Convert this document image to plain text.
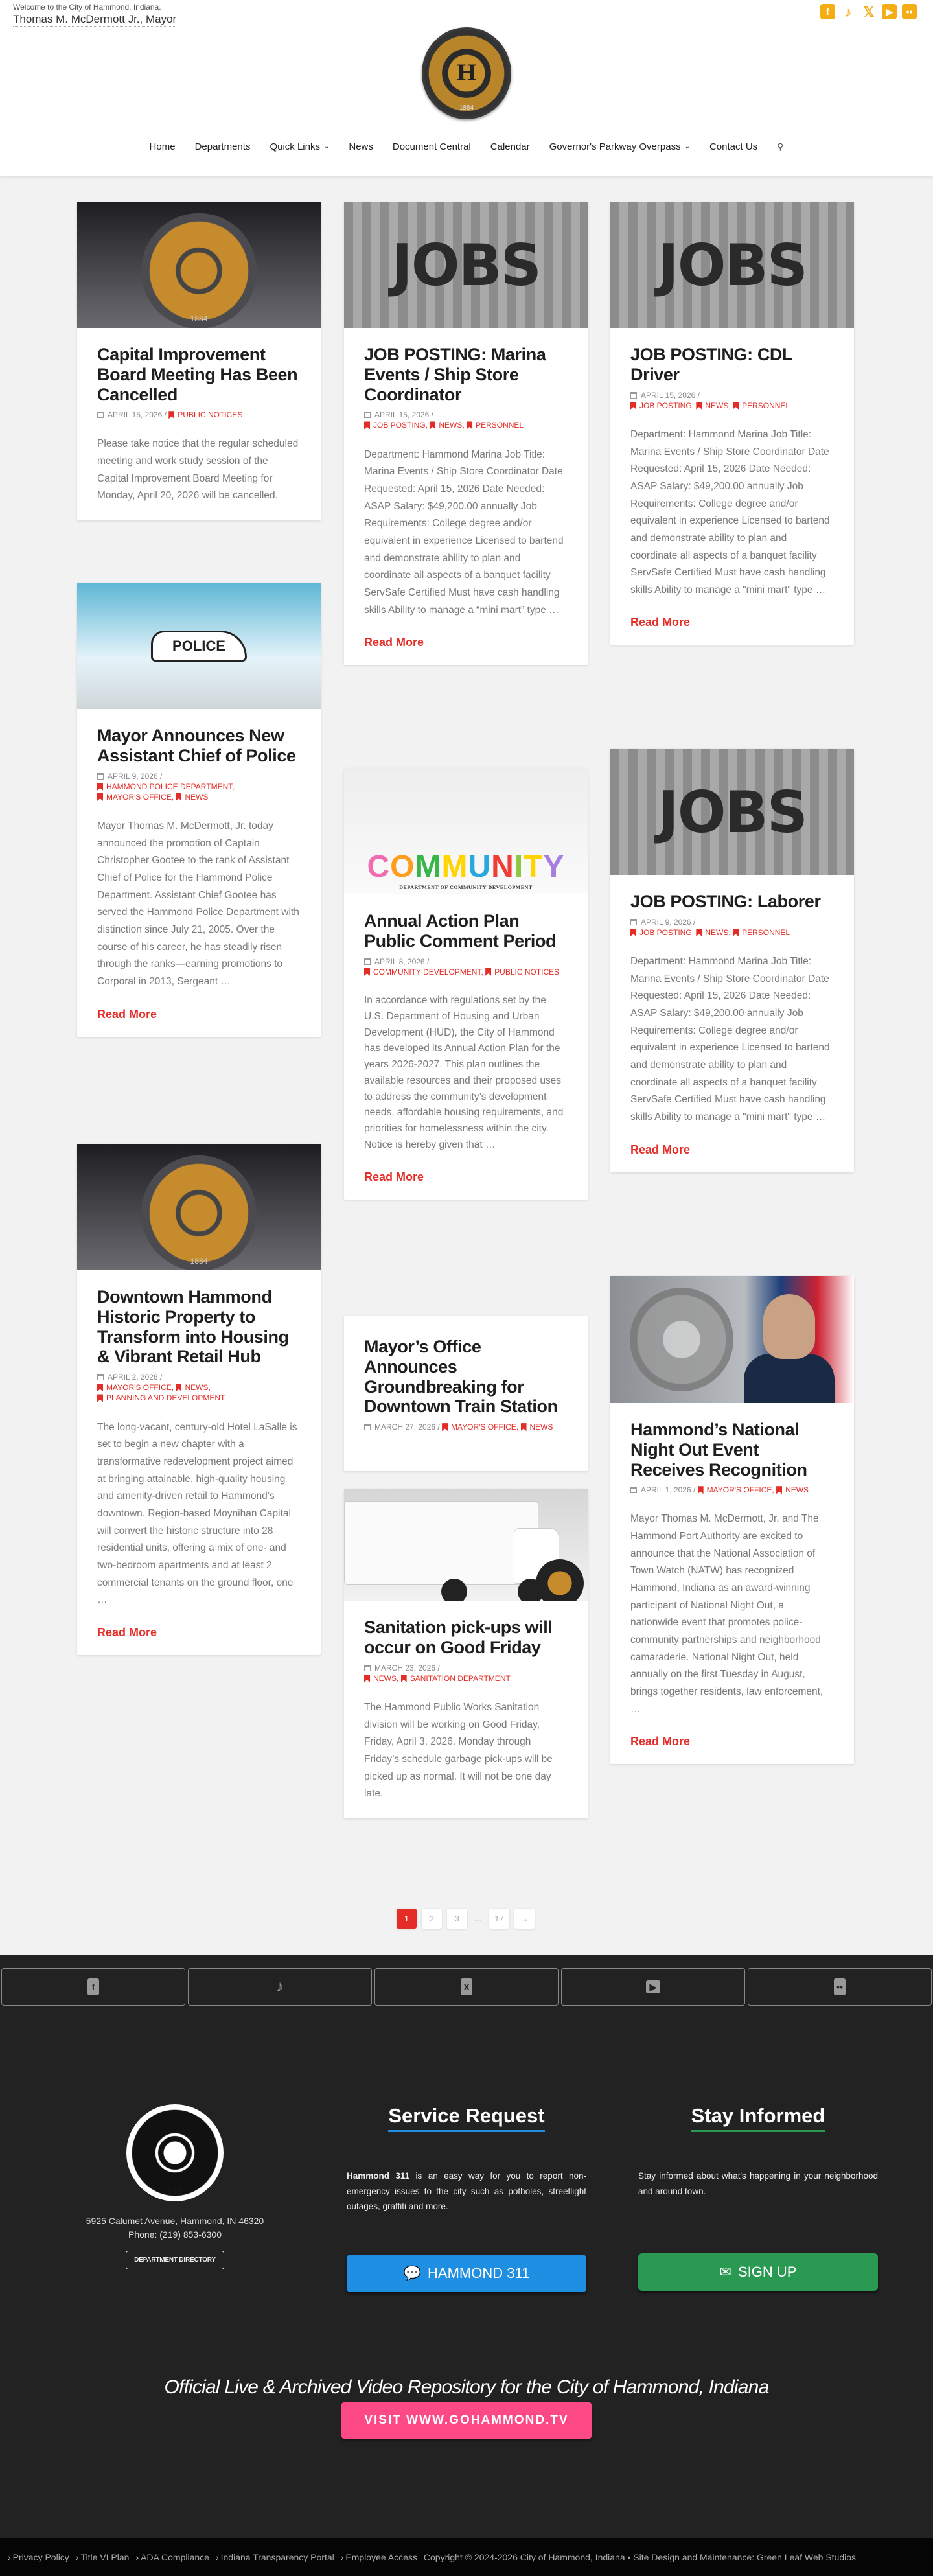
Welcome to the City of Hammond, Indiana.
Thomas M. McDermott Jr., Mayor
f	♪ 𝕏	▶	••
H
1884
Home Departments Quick Links ⌄ News Document Central Calendar Governor's Parkway Overpass ⌄ Contact Us	⚲
1884
Capital Improvement Board Meeting Has Been Cancelled
APRIL 15, 2026 / PUBLIC NOTICES

Please take notice that the regular scheduled meeting and work study session of the Capital Improvement Board Meeting for Monday, April 20, 2026 will be cancelled.

POLICE
Mayor Announces New Assistant Chief of Police
APRIL 9, 2026 /
HAMMOND POLICE DEPARTMENT,
MAYOR'S OFFICE, NEWS

Mayor Thomas M. McDermott, Jr. today announced the promotion of Captain Christopher Gootee to the rank of Assistant Chief of Police for the Hammond Police Department. Assistant Chief Gootee has served the Hammond Police Department with distinction since July 21, 2005. Over the course of his career, he has steadily risen through the ranks—earning promotions to Corporal in 2013, Sergeant …

Read More
1884
Downtown Hammond Historic Property to Transform into Housing & Vibrant Retail Hub
APRIL 2, 2026 /
MAYOR'S OFFICE, NEWS,
PLANNING AND DEVELOPMENT

The long-vacant, century-old Hotel LaSalle is set to begin a new chapter with a transformative redevelopment project aimed at bringing attainable, high-quality housing and amenity-driven retail to Hammond’s downtown. Region-based Moynihan Capital will convert the historic structure into 28 residential units, offering a mix of one- and two-bedroom apartments and at least 2 commercial tenants on the ground floor, one …

Read More
JOBS
JOB POSTING: Marina Events / Ship Store Coordinator
APRIL 15, 2026 /
JOB POSTING, NEWS, PERSONNEL

Department: Hammond Marina Job Title: Marina Events / Ship Store Coordinator Date Requested: April 15, 2026 Date Needed: ASAP Salary: $49,200.00 annually Job Requirements: College degree and/or equivalent in experience Licensed to bartend and demonstrate ability to plan and coordinate all aspects of a banquet facility ServSafe Certified Must have cash handling skills Ability to manage a “mini mart” type …

Read More
COMMUNITY
DEPARTMENT OF COMMUNITY DEVELOPMENT
Annual Action Plan Public Comment Period
APRIL 8, 2026 /
COMMUNITY DEVELOPMENT, PUBLIC NOTICES

In accordance with regulations set by the U.S. Department of Housing and Urban Development (HUD), the City of Hammond has developed its Annual Action Plan for the years 2026-2027. This plan outlines the available resources and their proposed uses to address the community’s development needs, affordable housing requirements, and priorities for homelessness within the city. Notice is hereby given that …

Read More
Mayor’s Office Announces Groundbreaking for Downtown Train Station
MARCH 27, 2026 / MAYOR'S OFFICE, NEWS
Sanitation pick-ups will occur on Good Friday
MARCH 23, 2026 /
NEWS, SANITATION DEPARTMENT

The Hammond Public Works Sanitation division will be working on Good Friday, Friday, April 3, 2026. Monday through Friday’s schedule garbage pick-ups will be picked up as normal. It will not be one day late.

JOBS
JOB POSTING: CDL Driver
APRIL 15, 2026 /
JOB POSTING, NEWS, PERSONNEL

Department: Hammond Marina Job Title: Marina Events / Ship Store Coordinator Date Requested: April 15, 2026 Date Needed: ASAP Salary: $49,200.00 annually Job Requirements: College degree and/or equivalent in experience Licensed to bartend and demonstrate ability to plan and coordinate all aspects of a banquet facility ServSafe Certified Must have cash handling skills Ability to manage a "mini mart" type …

Read More
JOBS
JOB POSTING: Laborer
APRIL 9, 2026 /
JOB POSTING, NEWS, PERSONNEL

Department: Hammond Marina Job Title: Marina Events / Ship Store Coordinator Date Requested: April 15, 2026 Date Needed: ASAP Salary: $49,200.00 annually Job Requirements: College degree and/or equivalent in experience Licensed to bartend and demonstrate ability to plan and coordinate all aspects of a banquet facility ServSafe Certified Must have cash handling skills Ability to manage a "mini mart" type …

Read More
Hammond’s National Night Out Event Receives Recognition
APRIL 1, 2026 / MAYOR'S OFFICE, NEWS

Mayor Thomas M. McDermott, Jr. and The Hammond Port Authority are excited to announce that the National Association of Town Watch (NATW) has recognized Hammond, Indiana as an award-winning participant of National Night Out, a nationwide event that promotes police-community partnerships and neighborhood camaraderie. National Night Out, held annually on the first Tuesday in August, brings together residents, law enforcement, …

Read More
1	2	3	…	17	→
f	♪	X	▶	••
1884
5925 Calumet Avenue, Hammond, IN 46320
Phone: (219) 853-6300
DEPARTMENT DIRECTORY
Service Request

Hammond 311 is an easy way for you to report non-emergency issues to the city such as potholes, streetlight outages, graffiti and more.

💬 HAMMOND 311
Stay Informed

Stay informed about what's happening in your neighborhood and around town.

✉ SIGN UP
Official Live & Archived Video Repository for the City of Hammond, Indiana
VISIT WWW.GOHAMMOND.TV
› Privacy Policy › Title VI Plan › ADA Compliance › Indiana Transparency Portal › Employee Access Copyright © 2024-2026 City of Hammond, Indiana • Site Design and Maintenance: Green Leaf Web Studios
